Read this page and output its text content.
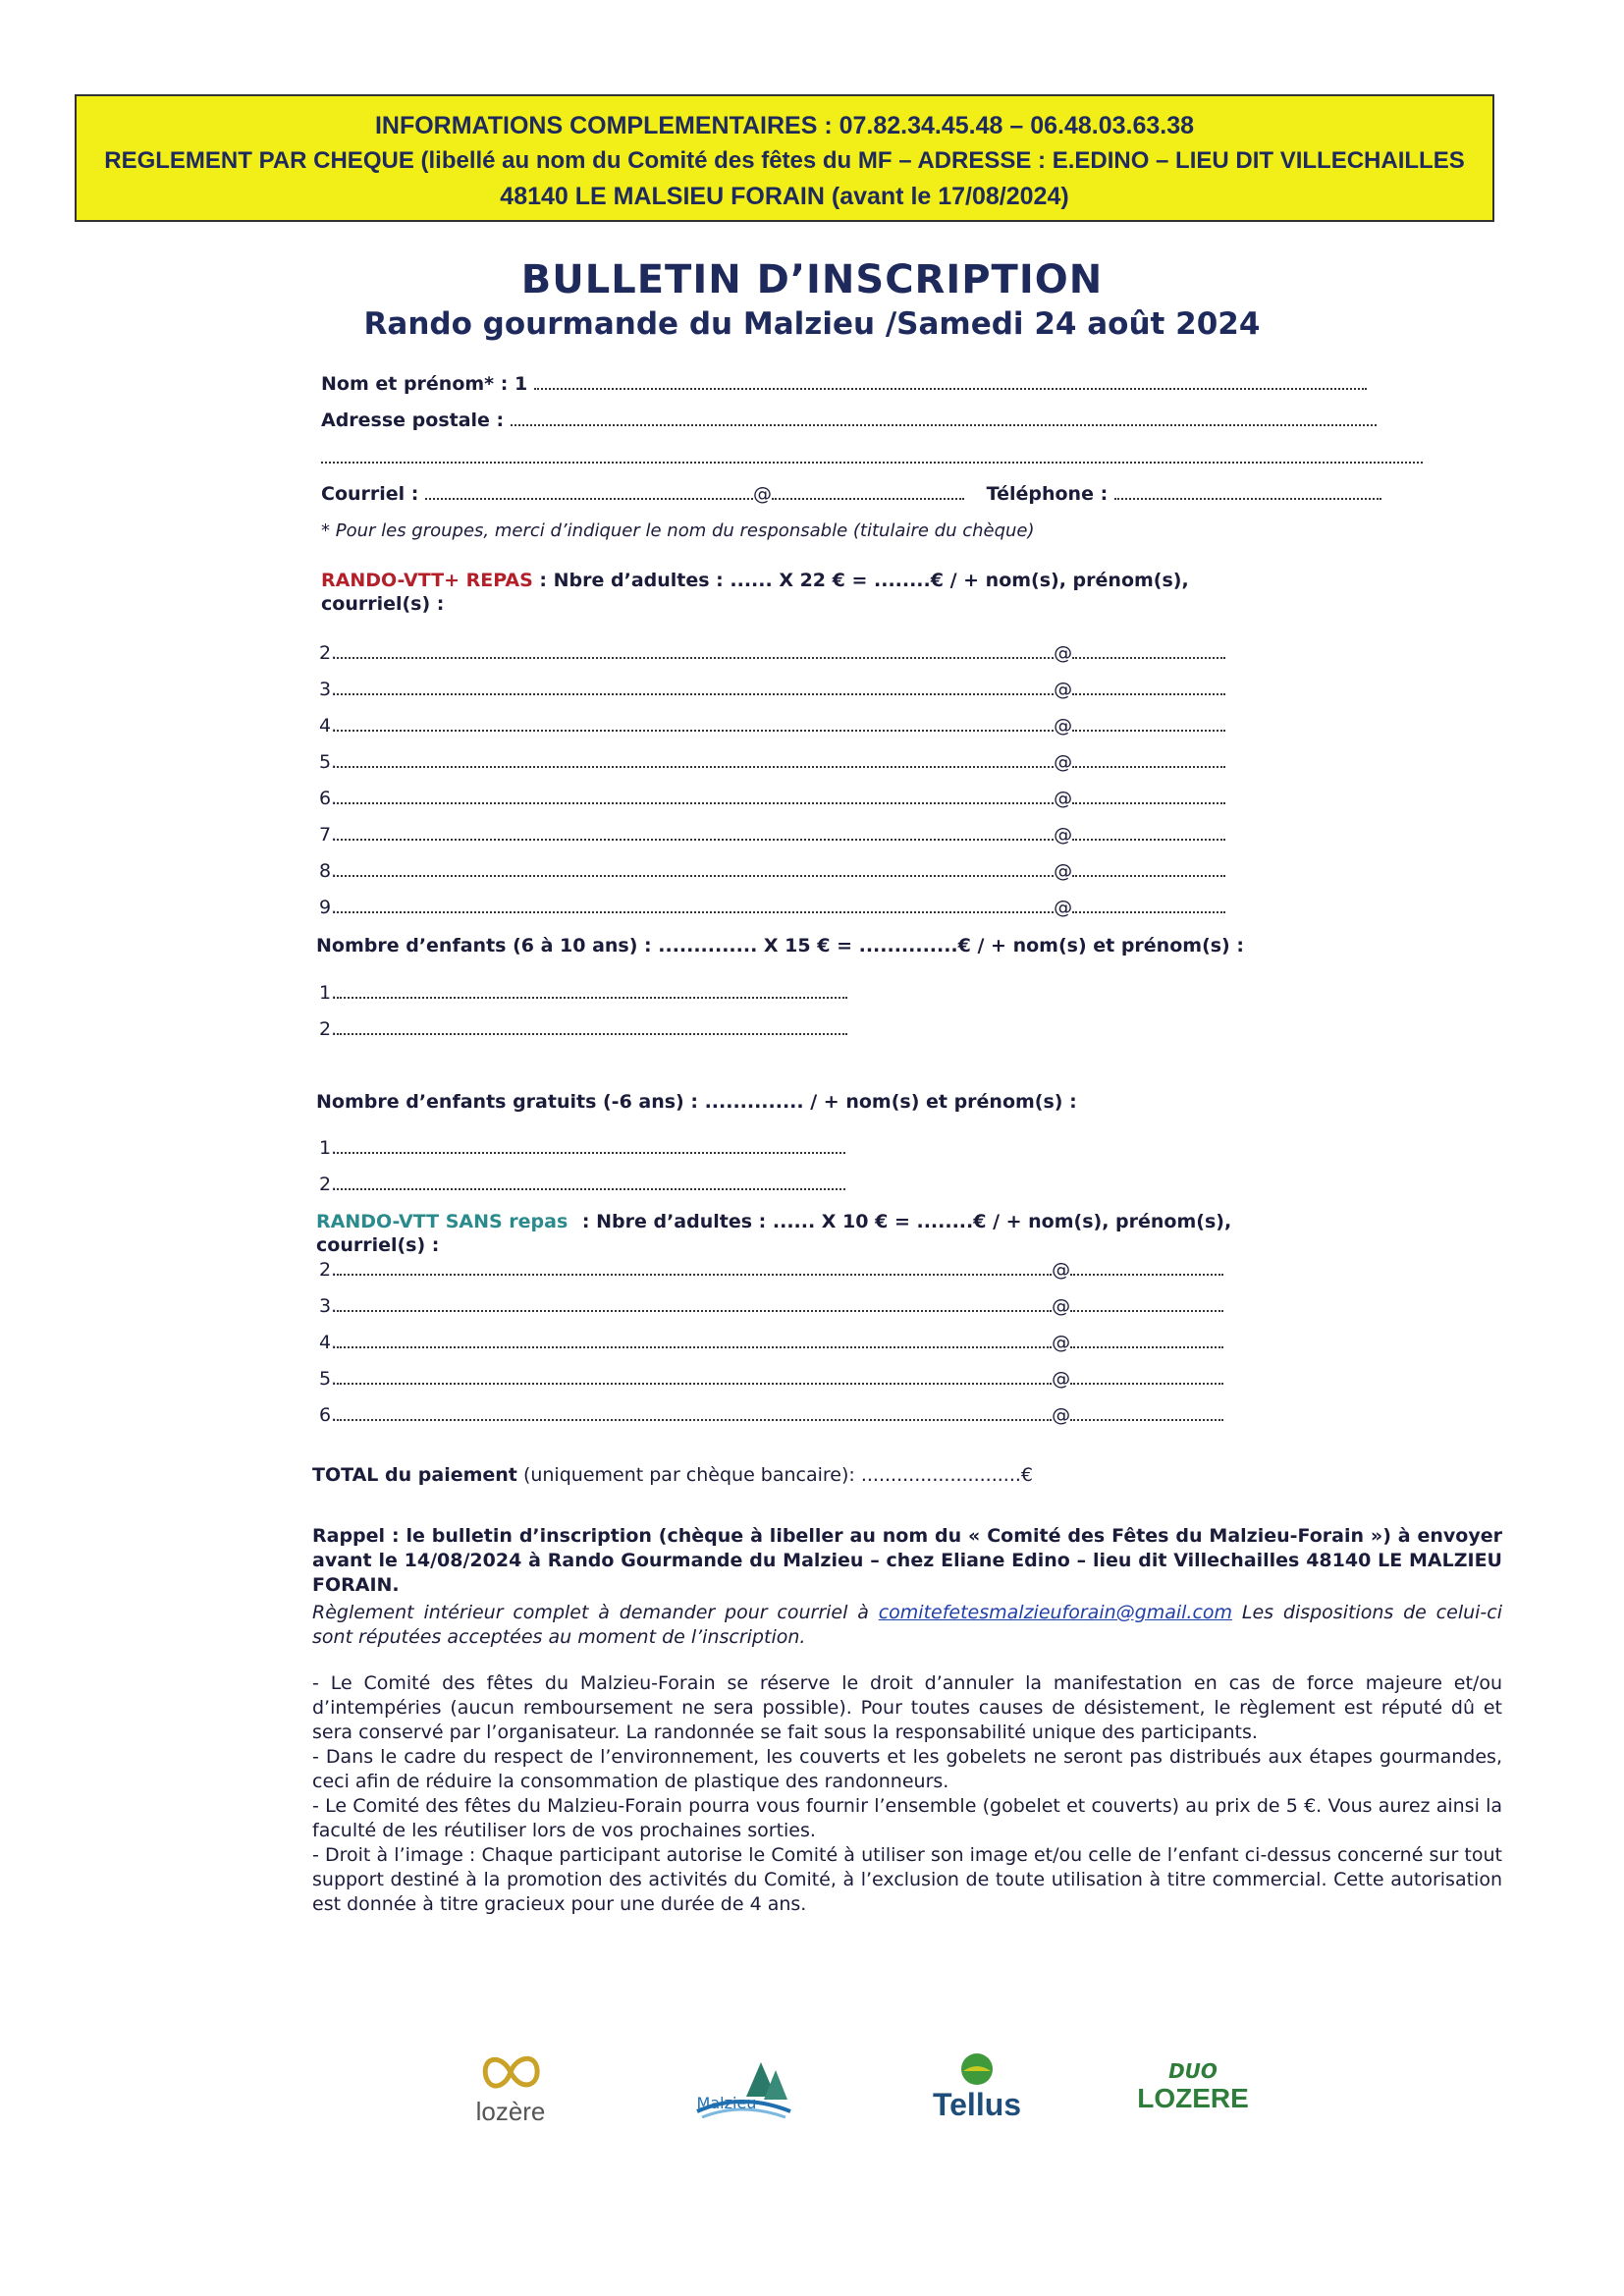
INFORMATIONS COMPLEMENTAIRES : 07.82.34.45.48 – 06.48.03.63.38
REGLEMENT PAR CHEQUE (libellé au nom du Comité des fêtes du MF – ADRESSE : E.EDINO – LIEU DIT VILLECHAILLES
48140 LE MALSIEU FORAIN (avant le 17/08/2024)
BULLETIN D’INSCRIPTION
Rando gourmande du Malzieu /Samedi 24 août 2024
Nom et prénom* : 1
Adresse postale :
Courriel :	@	Téléphone :
* Pour les groupes, merci d’indiquer le nom du responsable (titulaire du chèque)
RANDO-VTT+ REPAS : Nbre d’adultes : ...... X 22 € = ........€ / + nom(s), prénom(s),
courriel(s) :
2.	@
3.	@
4.	@
5.	@
6.	@
7.	@
8.	@
9.	@
Nombre d’enfants (6 à 10 ans) : .............. X 15 € = ..............€ / + nom(s) et prénom(s) :
1.
2.
Nombre d’enfants gratuits (-6 ans) : .............. / + nom(s) et prénom(s) :
1.
2.
RANDO-VTT SANS repas : Nbre d’adultes : ...... X 10 € = ........€ / + nom(s), prénom(s),
courriel(s) :
2.	@
3.	@
4.	@
5.	@
6.	@
TOTAL du paiement (uniquement par chèque bancaire): ...........................€
Rappel : le bulletin d’inscription (chèque à libeller au nom du « Comité des Fêtes du Malzieu-Forain ») à envoyer avant le 14/08/2024 à Rando Gourmande du Malzieu – chez Eliane Edino – lieu dit Villechailles 48140 LE MALZIEU FORAIN.
Règlement intérieur complet à demander pour courriel à comitefetesmalzieuforain@gmail.com Les dispositions de celui-ci sont réputées acceptées au moment de l’inscription.
- Le Comité des fêtes du Malzieu-Forain se réserve le droit d’annuler la manifestation en cas de force majeure et/ou d’intempéries (aucun remboursement ne sera possible). Pour toutes causes de désistement, le règlement est réputé dû et sera conservé par l’organisateur. La randonnée se fait sous la responsabilité unique des participants.
- Dans le cadre du respect de l’environnement, les couverts et les gobelets ne seront pas distribués aux étapes gourmandes, ceci afin de réduire la consommation de plastique des randonneurs.
- Le Comité des fêtes du Malzieu-Forain pourra vous fournir l’ensemble (gobelet et couverts) au prix de 5 €. Vous aurez ainsi la faculté de les réutiliser lors de vos prochaines sorties.
- Droit à l’image : Chaque participant autorise le Comité à utiliser son image et/ou celle de l’enfant ci-dessus concerné sur tout support destiné à la promotion des activités du Comité, à l’exclusion de toute utilisation à titre commercial. Cette autorisation est donnée à titre gracieux pour une durée de 4 ans.
lozère	Malzieu	Tellus
DUO
LOZERE
